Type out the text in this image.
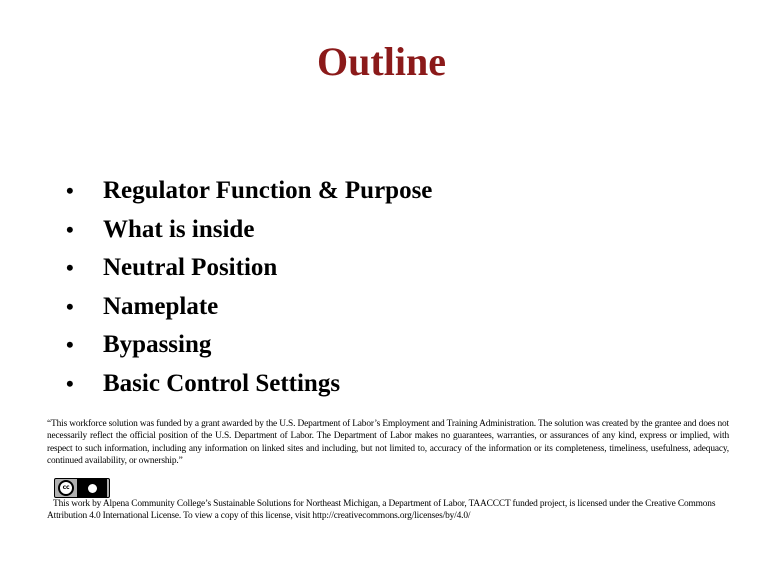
Outline
•	Regulator Function & Purpose
•	What is inside
•	Neutral Position
•	Nameplate
•	Bypassing
•	Basic Control Settings
“This workforce solution was funded by a grant awarded by the U.S. Department of Labor’s Employment and Training Administration. The solution was created by the grantee and does not necessarily reflect the official position of the U.S. Department of Labor. The Department of Labor makes no guarantees, warranties, or assurances of any kind, express or implied, with respect to such information, including any information on linked sites and including, but not limited to, accuracy of the information or its completeness, timeliness, usefulness, adequacy, continued availability, or ownership.”
cc
This work by Alpena Community College’s Sustainable Solutions for Northeast Michigan, a Department of Labor, TAACCCT funded project, is licensed under the Creative Commons Attribution 4.0 International License. To view a copy of this license, visit http://creativecommons.org/licenses/by/4.0/
